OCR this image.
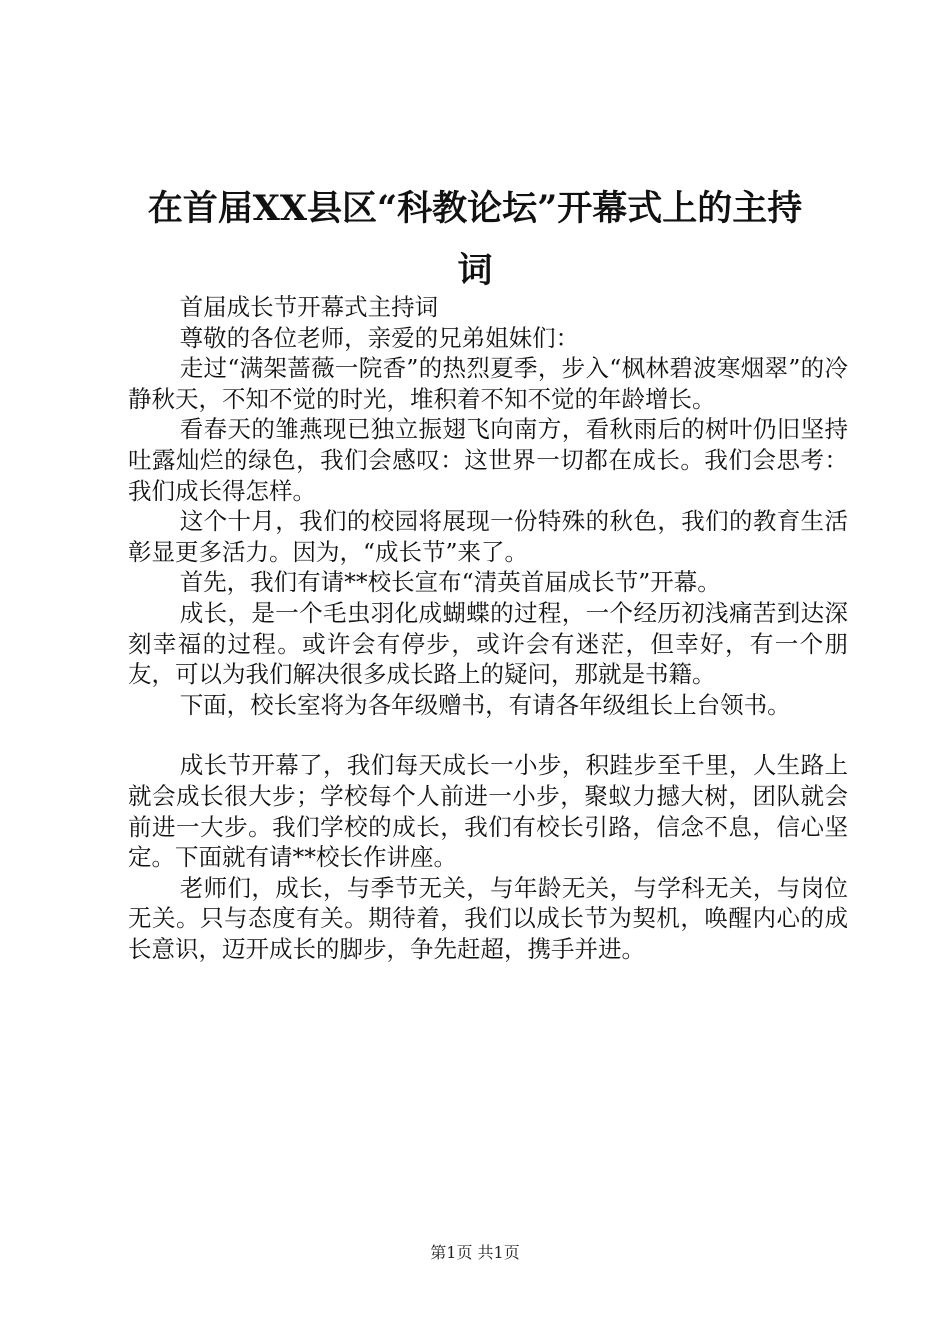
在首届XX县区“科教论坛”开幕式上的主持
词

首届成长节开幕式主持词

尊敬的各位老师，亲爱的兄弟姐妹们：

走过“满架蔷薇一院香”的热烈夏季，步入“枫林碧波寒烟翠”的冷静秋天，不知不觉的时光，堆积着不知不觉的年龄增长。

看春天的雏燕现已独立振翅飞向南方，看秋雨后的树叶仍旧坚持吐露灿烂的绿色，我们会感叹：这世界一切都在成长。我们会思考：我们成长得怎样。

这个十月，我们的校园将展现一份特殊的秋色，我们的教育生活彰显更多活力。因为，“成长节”来了。

首先，我们有请**校长宣布“清英首届成长节”开幕。

成长，是一个毛虫羽化成蝴蝶的过程，一个经历初浅痛苦到达深刻幸福的过程。或许会有停步，或许会有迷茫，但幸好，有一个朋友，可以为我们解决很多成长路上的疑问，那就是书籍。

下面，校长室将为各年级赠书，有请各年级组长上台领书。

成长节开幕了，我们每天成长一小步，积跬步至千里，人生路上就会成长很大步；学校每个人前进一小步，聚蚁力撼大树，团队就会前进一大步。我们学校的成长，我们有校长引路，信念不息，信心坚定。下面就有请**校长作讲座。

老师们，成长，与季节无关，与年龄无关，与学科无关，与岗位无关。只与态度有关。期待着，我们以成长节为契机，唤醒内心的成长意识，迈开成长的脚步，争先赶超，携手并进。

第1页 共1页
